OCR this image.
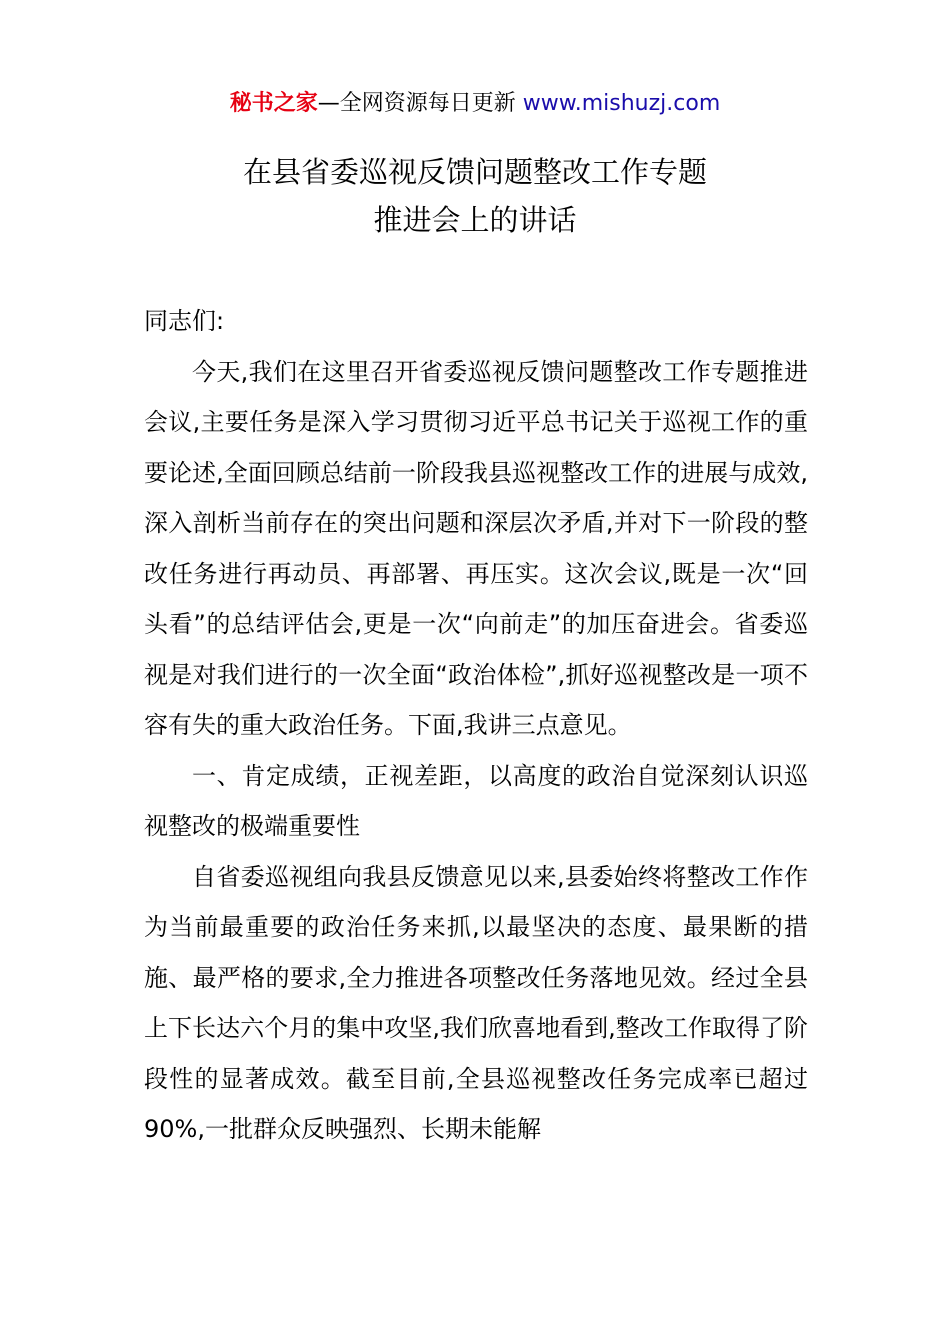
秘书之家—全网资源每日更新 www.mishuzj.com
在县省委巡视反馈问题整改工作专题
推进会上的讲话

同志们:

今天,我们在这里召开省委巡视反馈问题整改工作专题推进会议,主要任务是深入学习贯彻习近平总书记关于巡视工作的重要论述,全面回顾总结前一阶段我县巡视整改工作的进展与成效,深入剖析当前存在的突出问题和深层次矛盾,并对下一阶段的整改任务进行再动员、再部署、再压实。这次会议,既是一次“回头看”的总结评估会,更是一次“向前走”的加压奋进会。省委巡视是对我们进行的一次全面“政治体检”,抓好巡视整改是一项不容有失的重大政治任务。下面,我讲三点意见。

一、肯定成绩，正视差距，以高度的政治自觉深刻认识巡视整改的极端重要性

自省委巡视组向我县反馈意见以来,县委始终将整改工作作为当前最重要的政治任务来抓,以最坚决的态度、最果断的措施、最严格的要求,全力推进各项整改任务落地见效。经过全县上下长达六个月的集中攻坚,我们欣喜地看到,整改工作取得了阶段性的显著成效。截至目前,全县巡视整改任务完成率已超过 90%,一批群众反映强烈、长期未能解
